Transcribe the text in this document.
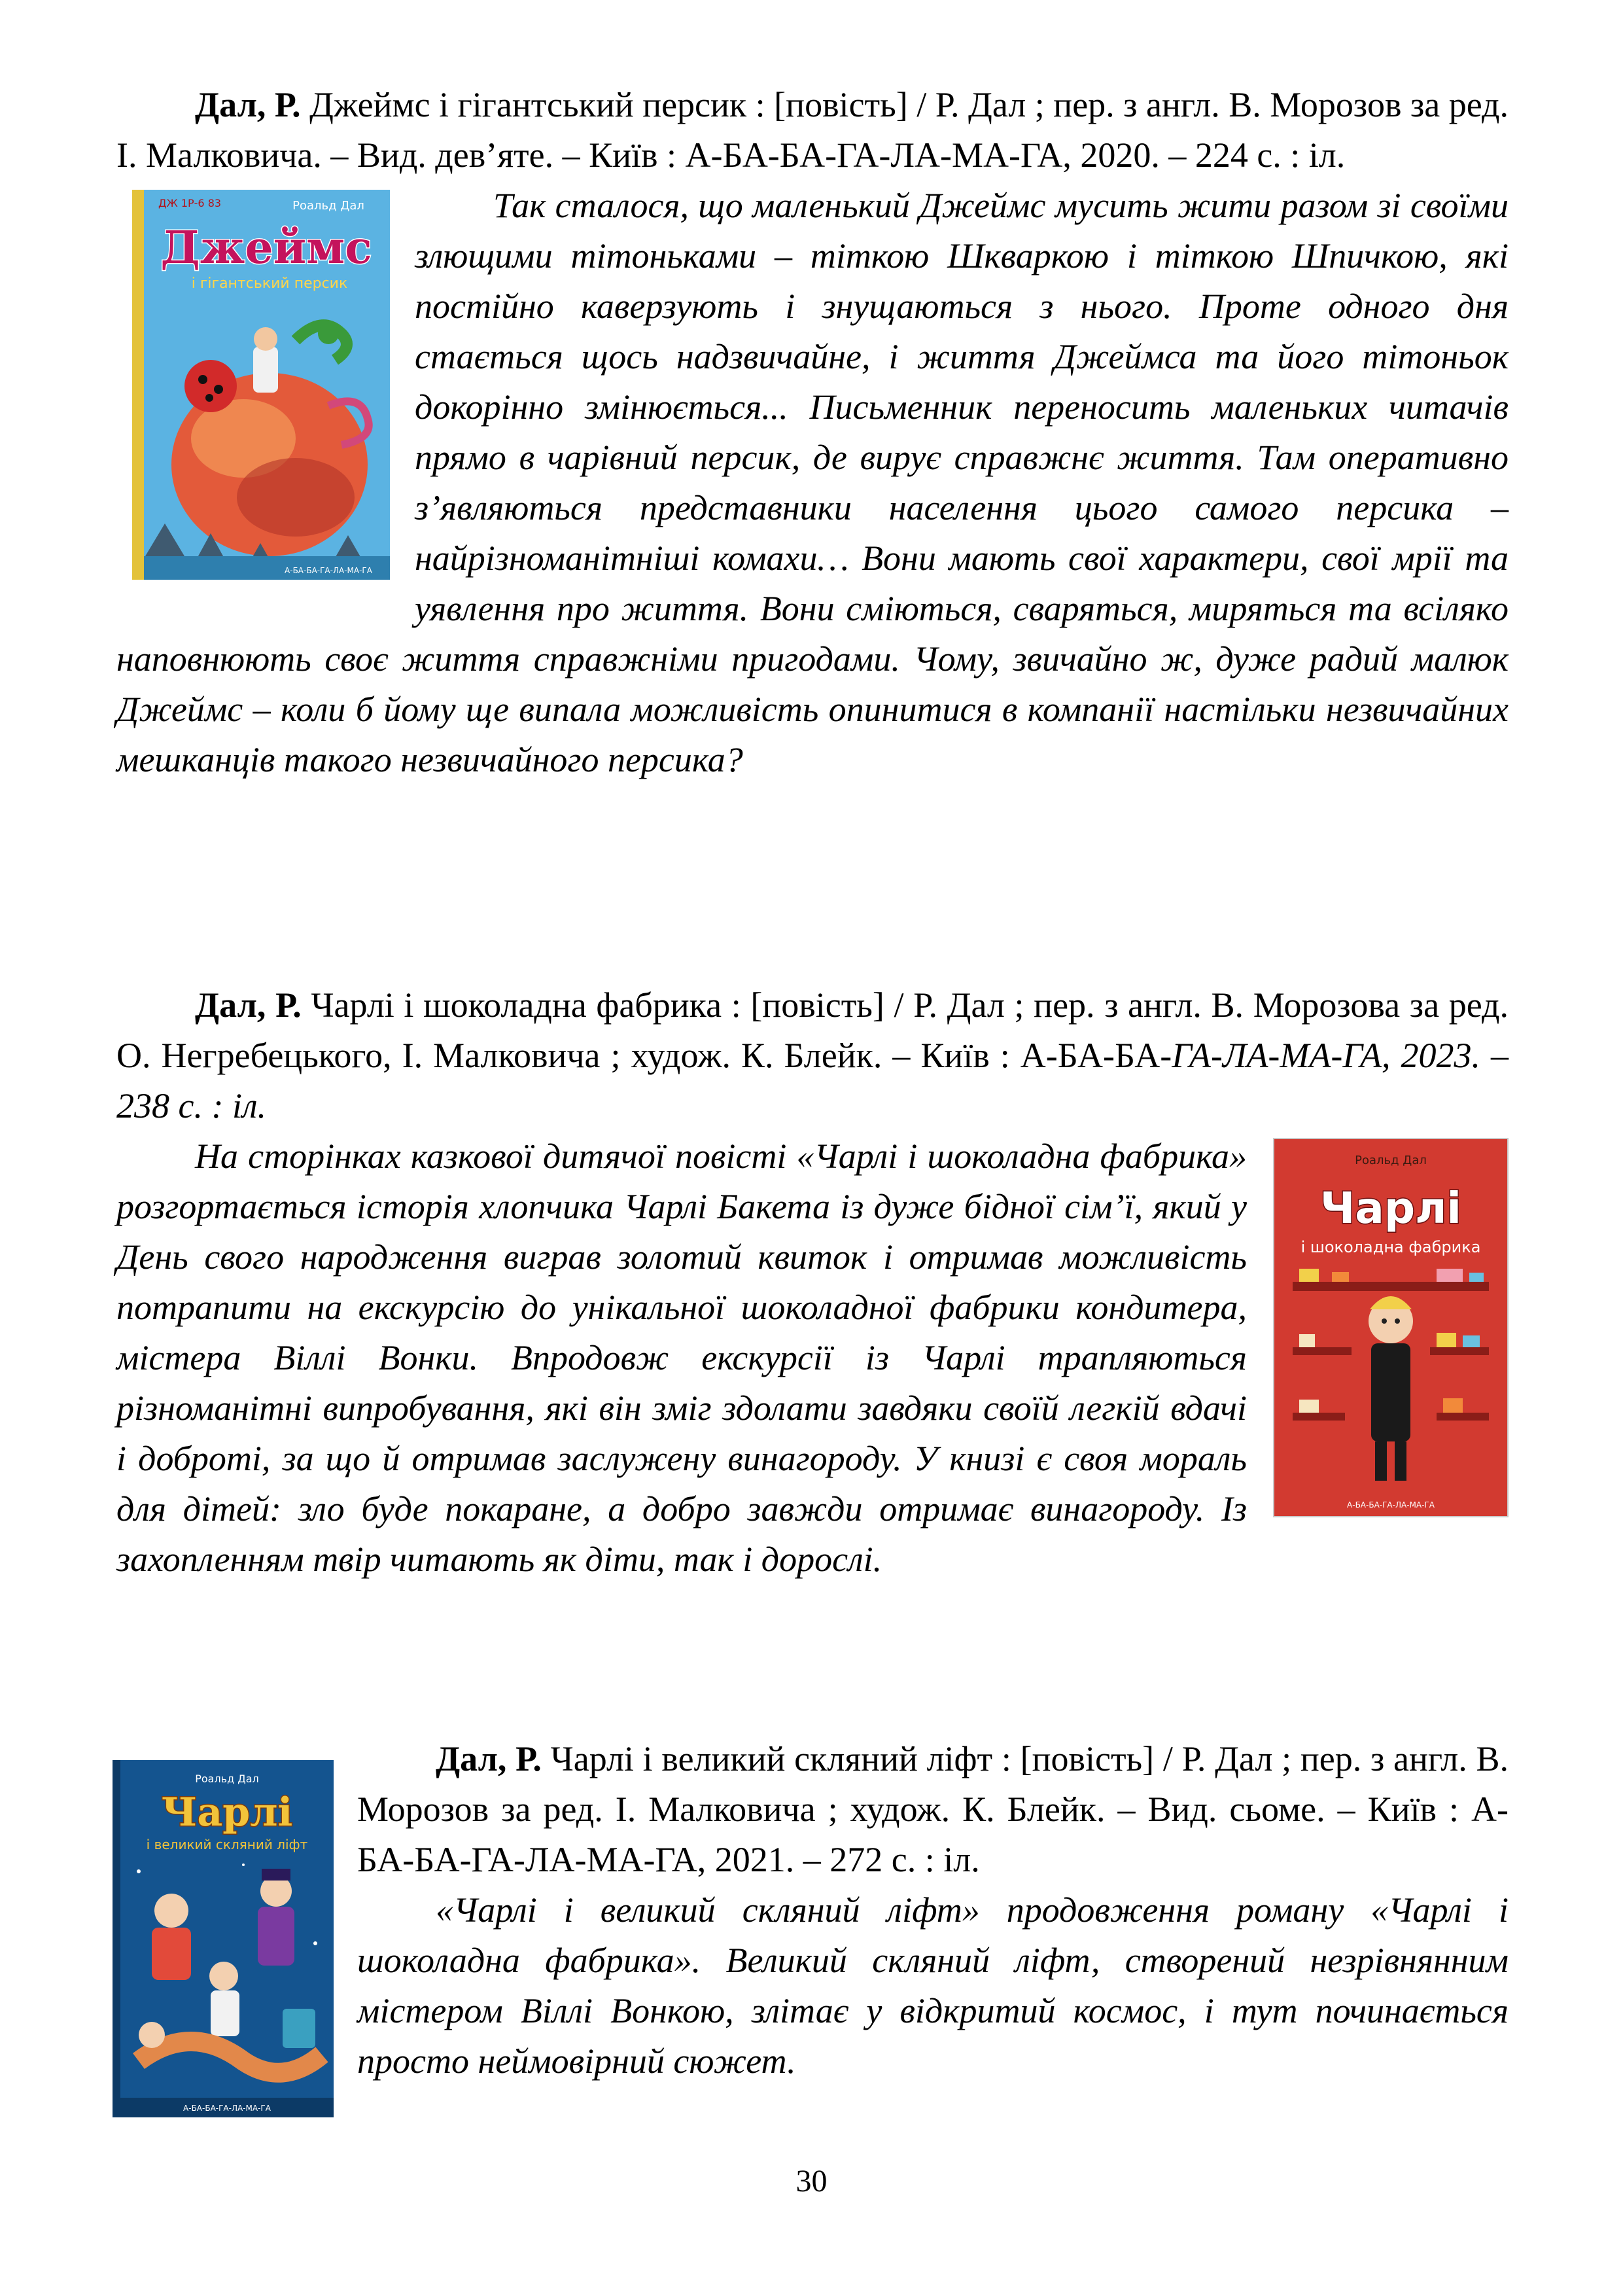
Дал, Р. Джеймс і гігантський персик : [повість] / Р. Дал ; пер. з англ. В. Морозов за ред. І. Малковича. – Вид. дев’яте. – Київ : А-БА-БА-ГА-ЛА-МА-ГА, 2020. – 224 с. : іл.

ДЖ 1Р-6 83	Роальд Дал
Джеймс
і гігантський персик
А-БА-БА-ГА-ЛА-МА-ГА

Так сталося, що маленький Джеймс мусить жити разом зі своїми злющими тітоньками – тіткою Шкваркою і тіткою Шпичкою, які постійно каверзують і знущаються з нього. Проте одного дня стається щось надзвичайне, і життя Джеймса та його тітоньок докорінно змінюється... Письменник переносить маленьких читачів прямо в чарівний персик, де вирує справжнє життя. Там оперативно з’являються представники населення цього самого персика – найрізноманітніші комахи… Вони мають свої характери, свої мрії та уявлення про життя. Вони сміються, сваряться, миряться та всіляко наповнюють своє життя справжніми пригодами. Чому, звичайно ж, дуже радий малюк Джеймс – коли б йому ще випала можливість опинитися в компанії настільки незвичайних мешканців такого незвичайного персика?

Дал, Р. Чарлі і шоколадна фабрика : [повість] / Р. Дал ; пер. з англ. В. Морозова за ред. О. Негребецького, І. Малковича ; худож. К. Блейк. – Київ : А-БА-БА-ГА-ЛА-МА-ГА, 2023. – 238 с. : іл.

Роальд Дал
Чарлі
і шоколадна фабрика
А-БА-БА-ГА-ЛА-МА-ГА

На сторінках казкової дитячої повісті «Чарлі і шоколадна фабрика» розгортається історія хлопчика Чарлі Бакета із дуже бідної сім’ї, який у День свого народження виграв золотий квиток і отримав можливість потрапити на екскурсію до унікальної шоколадної фабрики кондитера, містера Віллі Вонки. Впродовж екскурсії із Чарлі трапляються різноманітні випробування, які він зміг здолати завдяки своїй легкій вдачі і доброті, за що й отримав заслужену винагороду. У книзі є своя мораль для дітей: зло буде покаране, а добро завжди отримає винагороду. Із захопленням твір читають як діти, так і дорослі.

Роальд Дал
Чарлі
і великий скляний ліфт
А-БА-БА-ГА-ЛА-МА-ГА

Дал, Р. Чарлі і великий скляний ліфт : [повість] / Р. Дал ; пер. з англ. В. Морозов за ред. І. Малковича ; худож. К. Блейк. – Вид. сьоме. – Київ : А-БА-БА-ГА-ЛА-МА-ГА, 2021. – 272 с. : іл.

«Чарлі і великий скляний ліфт» продовження роману «Чарлі і шоколадна фабрика». Великий скляний ліфт, створений незрівнянним містером Віллі Вонкою, злітає у відкритий космос, і тут починається просто неймовірний сюжет.

30
